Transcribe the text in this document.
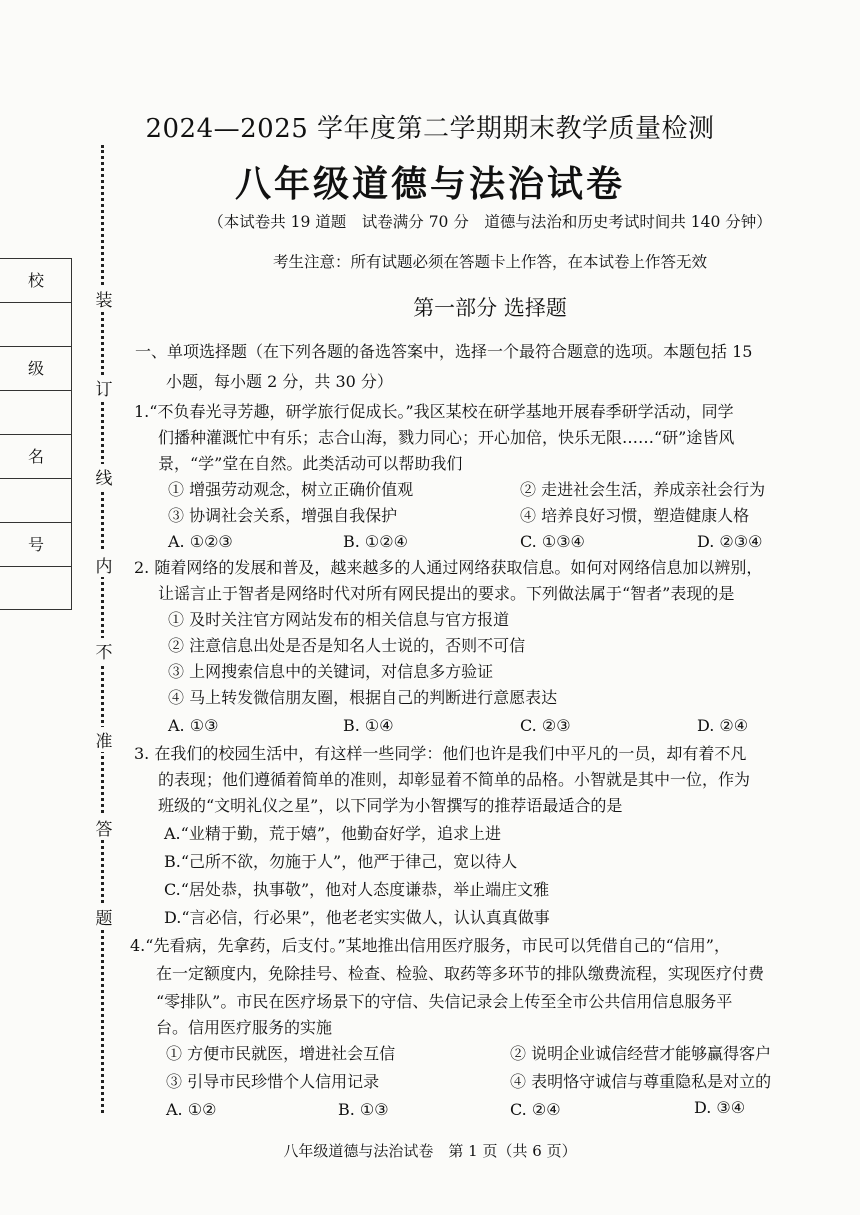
2024—2025 学年度第二学期期末教学质量检测
八年级道德与法治试卷
（本试卷共 19 道题　试卷满分 70 分　道德与法治和历史考试时间共 140 分钟）
考生注意：所有试题必须在答题卡上作答，在本试卷上作答无效
第一部分 选择题
校
级
名
号
装
订
线
内
不
准
答
题
一、单项选择题（在下列各题的备选答案中，选择一个最符合题意的选项。本题包括 15
小题，每小题 2 分，共 30 分）
1.“不负春光寻芳趣，研学旅行促成长。”我区某校在研学基地开展春季研学活动，同学
们播种灌溉忙中有乐；志合山海，戮力同心；开心加倍，快乐无限……“研”途皆风
景，“学”堂在自然。此类活动可以帮助我们
① 增强劳动观念，树立正确价值观	② 走进社会生活，养成亲社会行为
③ 协调社会关系，增强自我保护	④ 培养良好习惯，塑造健康人格
A. ①②③	B. ①②④	C. ①③④	D. ②③④
2. 随着网络的发展和普及，越来越多的人通过网络获取信息。如何对网络信息加以辨别，
让谣言止于智者是网络时代对所有网民提出的要求。下列做法属于“智者”表现的是
① 及时关注官方网站发布的相关信息与官方报道
② 注意信息出处是否是知名人士说的，否则不可信
③ 上网搜索信息中的关键词，对信息多方验证
④ 马上转发微信朋友圈，根据自己的判断进行意愿表达
A. ①③	B. ①④	C. ②③	D. ②④
3. 在我们的校园生活中，有这样一些同学：他们也许是我们中平凡的一员，却有着不凡
的表现；他们遵循着简单的准则，却彰显着不简单的品格。小智就是其中一位，作为
班级的“文明礼仪之星”，以下同学为小智撰写的推荐语最适合的是
A.“业精于勤，荒于嬉”，他勤奋好学，追求上进
B.“己所不欲，勿施于人”，他严于律己，宽以待人
C.“居处恭，执事敬”，他对人态度谦恭，举止端庄文雅
D.“言必信，行必果”，他老老实实做人，认认真真做事
4.“先看病，先拿药，后支付。”某地推出信用医疗服务，市民可以凭借自己的“信用”，
在一定额度内，免除挂号、检查、检验、取药等多环节的排队缴费流程，实现医疗付费
“零排队”。市民在医疗场景下的守信、失信记录会上传至全市公共信用信息服务平
台。信用医疗服务的实施
① 方便市民就医，增进社会互信	② 说明企业诚信经营才能够赢得客户
③ 引导市民珍惜个人信用记录	④ 表明恪守诚信与尊重隐私是对立的
A. ①②	B. ①③	C. ②④	D. ③④
八年级道德与法治试卷　第 1 页（共 6 页）
